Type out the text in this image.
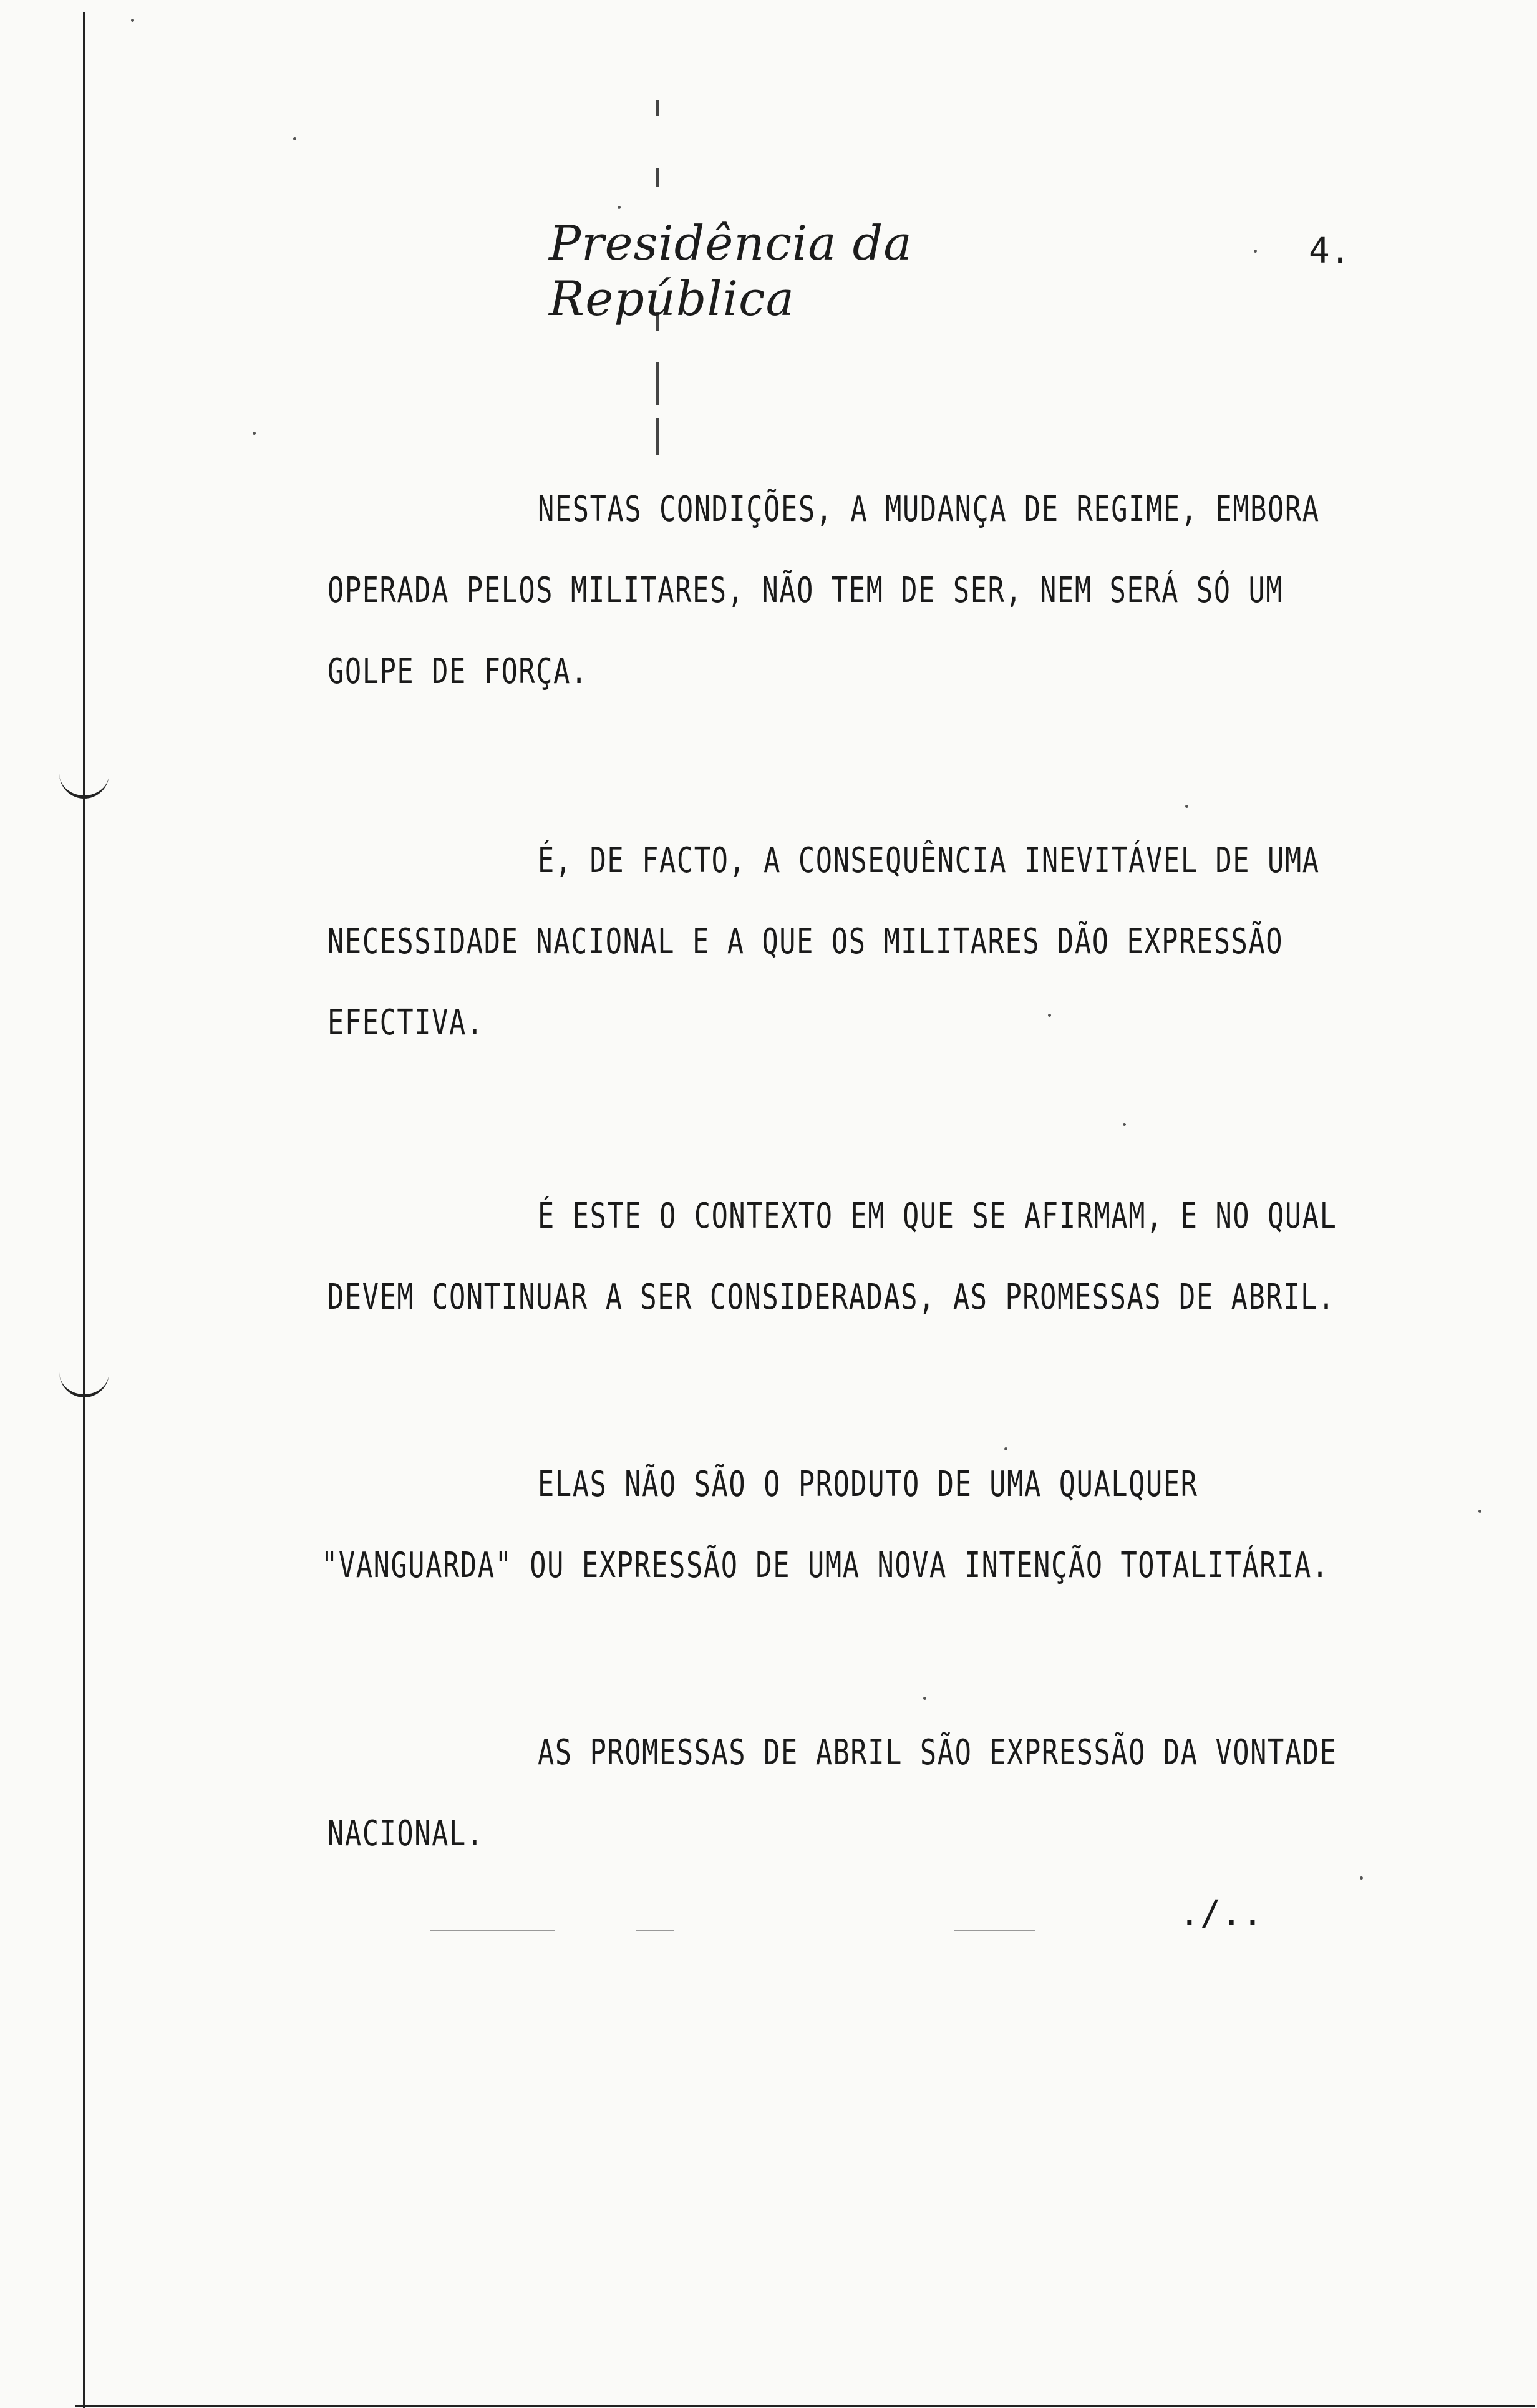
Presidência da República
4.
NESTAS CONDIÇÕES, A MUDANÇA DE REGIME, EMBORA
OPERADA PELOS MILITARES, NÃO TEM DE SER, NEM SERÁ SÓ UM
GOLPE DE FORÇA.
É, DE FACTO, A CONSEQUÊNCIA INEVITÁVEL DE UMA
NECESSIDADE NACIONAL E A QUE OS MILITARES DÃO EXPRESSÃO
EFECTIVA.
É ESTE O CONTEXTO EM QUE SE AFIRMAM, E NO QUAL
DEVEM CONTINUAR A SER CONSIDERADAS, AS PROMESSAS DE ABRIL.
ELAS NÃO SÃO O PRODUTO DE UMA QUALQUER
"VANGUARDA" OU EXPRESSÃO DE UMA NOVA INTENÇÃO TOTALITÁRIA.
AS PROMESSAS DE ABRIL SÃO EXPRESSÃO DA VONTADE
NACIONAL.
./..
